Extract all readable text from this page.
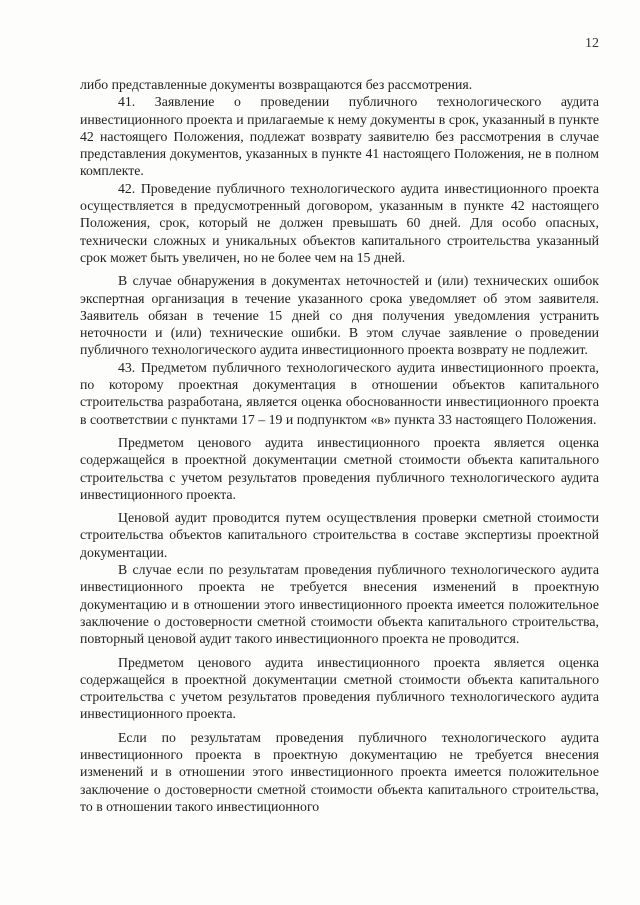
12

либо представленные документы возвращаются без рассмотрения.

41. Заявление о проведении публичного технологического аудита инвестиционного проекта и прилагаемые к нему документы в срок, указанный в пункте 42 настоящего Положения, подлежат возврату заявителю без рассмотрения в случае представления документов, указанных в пункте 41 настоящего Положения, не в полном комплекте.

42. Проведение публичного технологического аудита инвестиционного проекта осуществляется в предусмотренный договором, указанным в пункте 42 настоящего Положения, срок, который не должен превышать 60 дней. Для особо опасных, технически сложных и уникальных объектов капитального строительства указанный срок может быть увеличен, но не более чем на 15 дней.

В случае обнаружения в документах неточностей и (или) технических ошибок экспертная организация в течение указанного срока уведомляет об этом заявителя. Заявитель обязан в течение 15 дней со дня получения уведомления устранить неточности и (или) технические ошибки. В этом случае заявление о проведении публичного технологического аудита инвестиционного проекта возврату не подлежит.

43. Предметом публичного технологического аудита инвестиционного проекта, по которому проектная документация в отношении объектов капитального строительства разработана, является оценка обоснованности инвестиционного проекта в соответствии с пунктами 17 – 19 и подпунктом «в» пункта 33 настоящего Положения.

Предметом ценового аудита инвестиционного проекта является оценка содержащейся в проектной документации сметной стоимости объекта капитального строительства с учетом результатов проведения публичного технологического аудита инвестиционного проекта.

Ценовой аудит проводится путем осуществления проверки сметной стоимости строительства объектов капитального строительства в составе экспертизы проектной документации.

В случае если по результатам проведения публичного технологического аудита инвестиционного проекта не требуется внесения изменений в проектную документацию и в отношении этого инвестиционного проекта имеется положительное заключение о достоверности сметной стоимости объекта капитального строительства, повторный ценовой аудит такого инвестиционного проекта не проводится.

Предметом ценового аудита инвестиционного проекта является оценка содержащейся в проектной документации сметной стоимости объекта капитального строительства с учетом результатов проведения публичного технологического аудита инвестиционного проекта.

Если по результатам проведения публичного технологического аудита инвестиционного проекта в проектную документацию не требуется внесения изменений и в отношении этого инвестиционного проекта имеется положительное заключение о достоверности сметной стоимости объекта капитального строительства, то в отношении такого инвестиционного
